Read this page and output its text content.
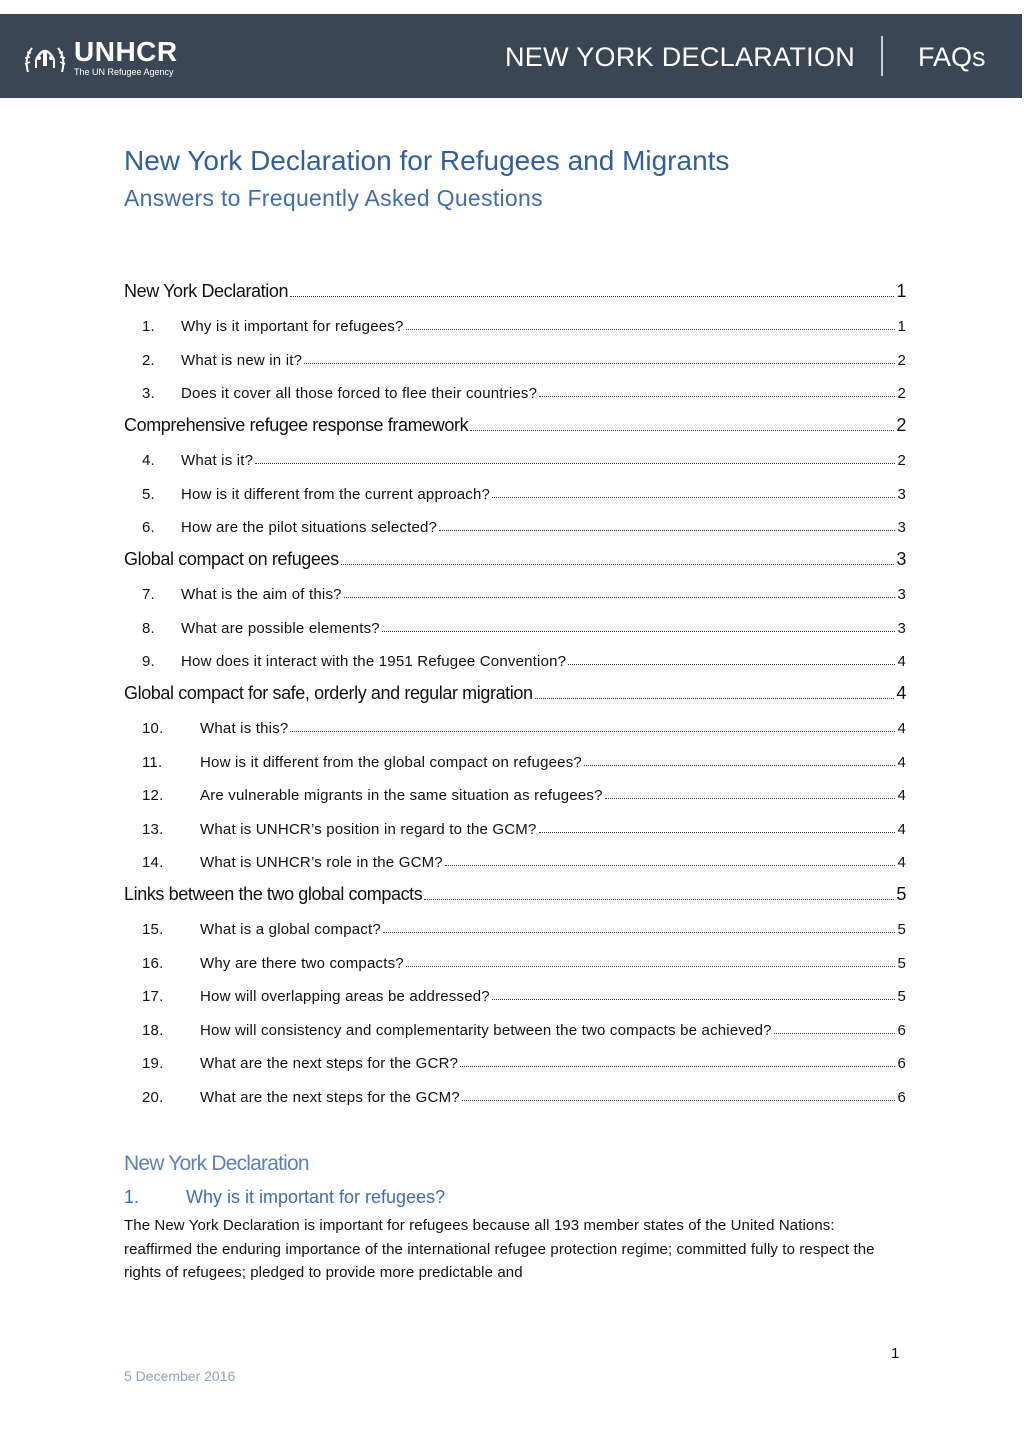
UNHCR
The UN Refugee Agency	NEW YORK DECLARATION FAQs
New York Declaration for Refugees and Migrants
Answers to Frequently Asked Questions
New York Declaration	1
1.	Why is it important for refugees?	1
2.	What is new in it?	2
3.	Does it cover all those forced to flee their countries?	2
Comprehensive refugee response framework	2
4.	What is it?	2
5.	How is it different from the current approach?	3
6.	How are the pilot situations selected?	3
Global compact on refugees	3
7.	What is the aim of this?	3
8.	What are possible elements?	3
9.	How does it interact with the 1951 Refugee Convention?	4
Global compact for safe, orderly and regular migration	4
10.	What is this?	4
11.	How is it different from the global compact on refugees?	4
12.	Are vulnerable migrants in the same situation as refugees?	4
13.	What is UNHCR’s position in regard to the GCM?	4
14.	What is UNHCR’s role in the GCM?	4
Links between the two global compacts	5
15.	What is a global compact?	5
16.	Why are there two compacts?	5
17.	How will overlapping areas be addressed?	5
18.	How will consistency and complementarity between the two compacts be achieved?	6
19.	What are the next steps for the GCR?	6
20.	What are the next steps for the GCM?	6
New York Declaration
1.	Why is it important for refugees?

The New York Declaration is important for refugees because all 193 member states of the United Nations: reaffirmed the enduring importance of the international refugee protection regime; committed fully to respect the rights of refugees; pledged to provide more predictable and

1
5 December 2016
